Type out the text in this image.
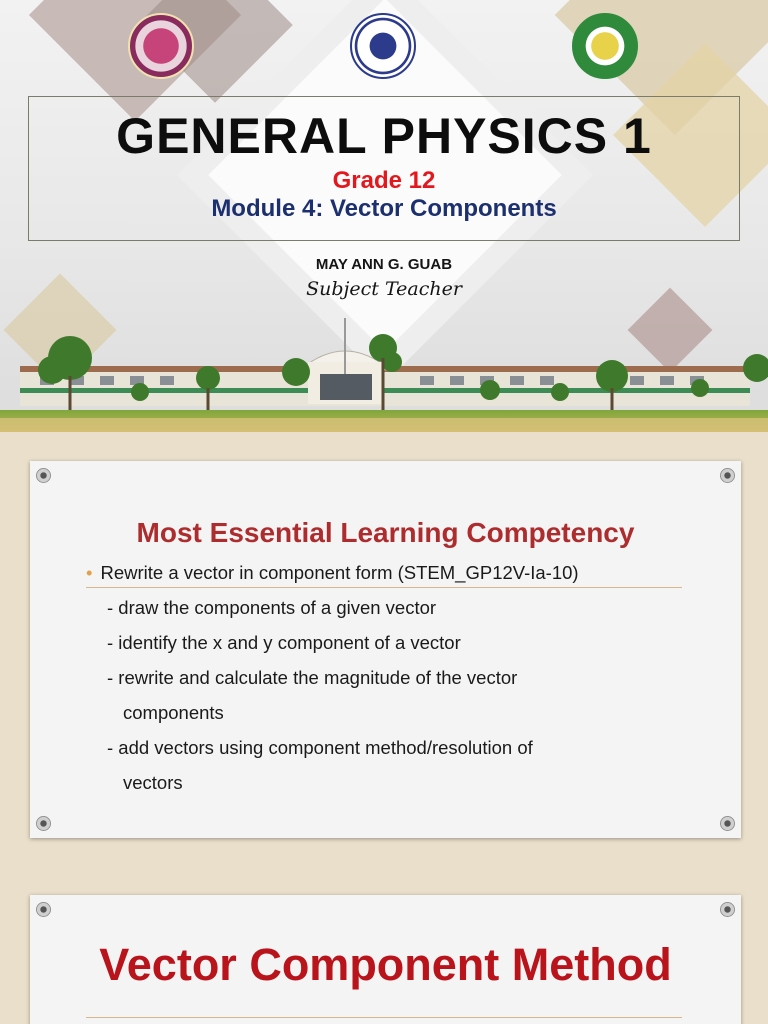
GENERAL PHYSICS 1
Grade 12
Module 4: Vector Components
MAY ANN G. GUAB
Subject Teacher
Most Essential Learning Competency
• Rewrite a vector in component form (STEM_GP12V-Ia-10)
- draw the components of a given vector
- identify the x and y component of a vector
- rewrite and calculate the magnitude of the vector
components
- add vectors using component method/resolution of
vectors
Vector Component Method
